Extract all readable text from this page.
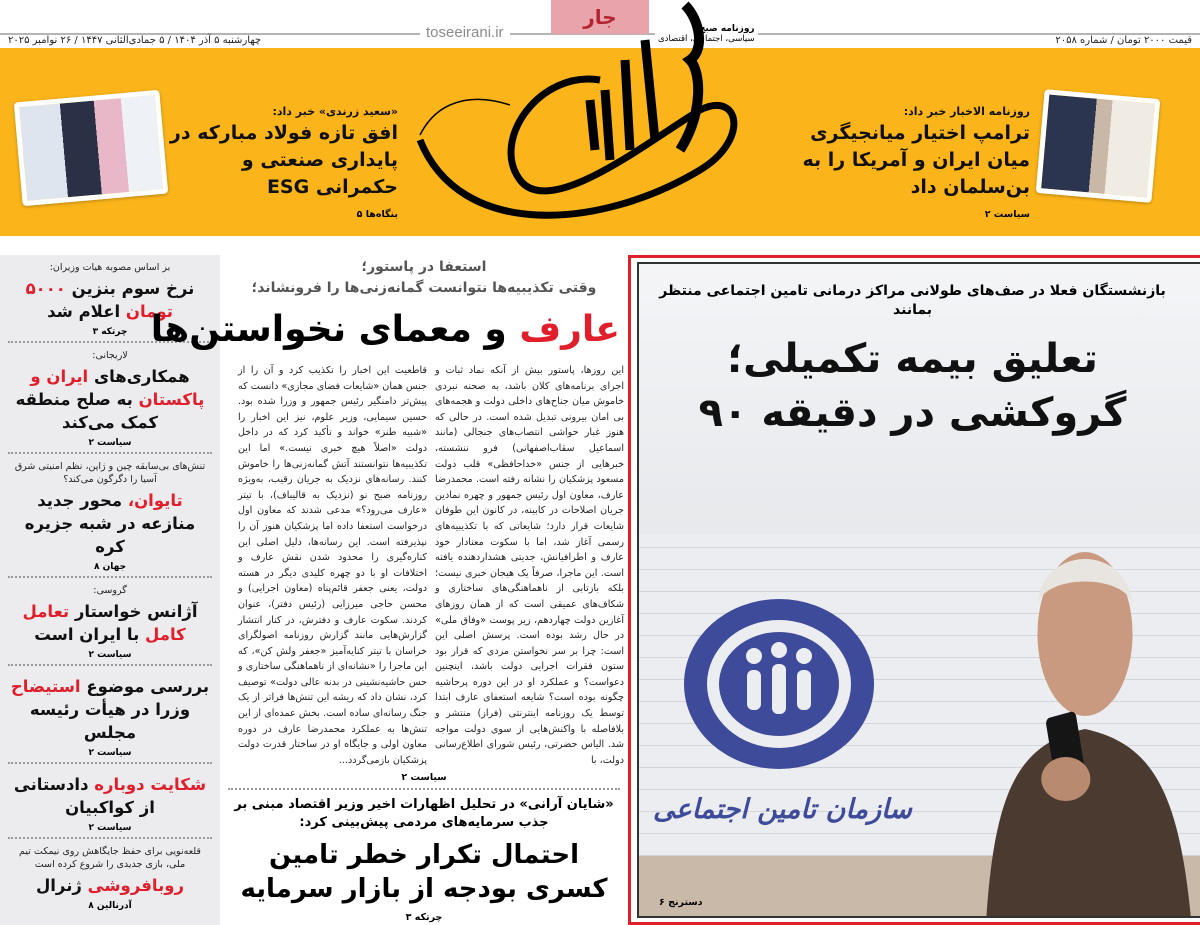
چهارشنبه ۵ آذر ۱۴۰۴ / ۵ جمادی‌الثانی ۱۴۴۷ / ۲۶ نوامبر ۲۰۲۵	قیمت ۲۰۰۰ تومان / شماره ۲۰۵۸
جار
toseeirani.ir	روزنامه صبح
سیاسی، اجتماعی، اقتصادی
روزنامه الاخبار خبر داد:
ترامپ اختیار میانجیگری میان ایران و آمریکا را به بن‌سلمان داد
سیاست ۲
«سعید زرندی» خبر داد:
افق تازه فولاد مبارکه در پایداری صنعتی و حکمرانی ESG
بنگاه‌ها ۵
بر اساس مصوبه هیات وزیران:
نرخ سوم بنزین ۵۰۰۰ تومان اعلام شد
چرتکه ۳
لاریجانی:
همکاری‌های ایران و پاکستان به صلح منطقه کمک می‌کند
سیاست ۲
تنش‌های بی‌سابقه چین و ژاپن، نظم امنیتی شرق آسیا را دگرگون می‌کند؟
تایوان، محور جدید منازعه در شبه جزیره کره
جهان ۸
گروسی:
آژانس خواستار تعامل کامل با ایران است
سیاست ۲
بررسی موضوع استیضاح وزرا در هیأت رئیسه مجلس
سیاست ۲
شکایت دوباره دادستانی از کواکبیان
سیاست ۲
قلعه‌نویی برای حفظ جایگاهش روی نیمکت تیم ملی، بازی جدیدی را شروع کرده است
روبافروشی ژنرال
آدرنالین ۸
استعفا در پاستور؛
وقتی تکذیبیه‌ها نتوانست گمانه‌زنی‌ها را فرونشاند؛
عارف و معمای نخواستن‌ها
این روزها، پاستور بیش از آنکه نماد ثبات و اجرای برنامه‌های کلان باشد، به صحنه نبردی خاموش میان جناح‌های داخلی دولت و هجمه‌های بی امان بیرونی تبدیل شده است. در حالی که هنوز غبار حواشی انتصاب‌های جنجالی (مانند اسماعیل سقاب‌اصفهانی) فرو ننشسته، خبرهایی از جنس «خداحافظی» قلب دولت مسعود پزشکیان را نشانه رفته است. محمدرضا عارف، معاون اول رئیس جمهور و چهره نمادین جریان اصلاحات در کابینه، در کانون این طوفان شایعات قرار دارد؛ شایعاتی که با تکذیبیه‌های رسمی آغاز شد، اما با سکوت معنادار خود عارف و اطرافیانش، جدیتی هشداردهنده یافته است. این ماجرا، صرفاً یک هیجان خبری نیست؛ بلکه بازتابی از ناهماهنگی‌های ساختاری و شکاف‌های عمیقی است که از همان روزهای آغازین دولت چهاردهم، زیر پوست «وفاق ملی» در حال رشد بوده است. پرسش اصلی این است: چرا بر سر نخواستن مردی که قرار بود ستون فقرات اجرایی دولت باشد، اینچنین دعواست؟ و عملکرد او در این دوره پرحاشیه چگونه بوده است؟ شایعه استعفای عارف ابتدا توسط یک روزنامه اینترنتی (فراز) منتشر و بلافاصله با واکنش‌هایی از سوی دولت مواجه شد. الیاس حضرتی، رئیس شورای اطلاع‌رسانی دولت، با
قاطعیت این اخبار را تکذیب کرد و آن را از جنس همان «شایعات فضای مجازی» دانست که پیش‌تر دامنگیر رئیس جمهور و وزرا شده بود. حسین سیمایی، وزیر علوم، نیز این اخبار را «شبیه طنز» خواند و تأکید کرد که در داخل دولت «اصلاً هیچ خبری نیست.» اما این تکذیبیه‌ها نتوانستند آتش گمانه‌زنی‌ها را خاموش کنند. رسانه‌های نزدیک به جریان رقیب، به‌ویژه روزنامه صبح نو (نزدیک به قالیباف)، با تیتر «عارف می‌رود؟» مدعی شدند که معاون اول درخواست استعفا داده اما پزشکیان هنوز آن را نپذیرفته است. این رسانه‌ها، دلیل اصلی این کناره‌گیری را محدود شدن نقش عارف و اختلافات او با دو چهره کلیدی دیگر در هسته دولت، یعنی جعفر قائم‌پناه (معاون اجرایی) و محسن حاجی میرزایی (رئیس دفتر)، عنوان کردند. سکوت عارف و دفترش، در کنار انتشار گزارش‌هایی مانند گزارش روزنامه اصولگرای خراسان با تیتر کنایه‌آمیز «جعفر ولش کن»، که این ماجرا را «نشانه‌ای از ناهماهنگی ساختاری و حس حاشیه‌نشینی در بدنه عالی دولت» توصیف کرد، نشان داد که ریشه این تنش‌ها فراتر از یک جنگ رسانه‌ای ساده است. بخش عمده‌ای از این تنش‌ها به عملکرد محمدرضا عارف در دوره معاون اولی و جایگاه او در ساختار قدرت دولت پزشکیان بازمی‌گردد...
سیاست ۲
«شایان آرانی» در تحلیل اظهارات اخیر وزیر اقتصاد مبنی بر جذب سرمایه‌های مردمی پیش‌بینی کرد:
احتمال تکرار خطر تامین کسری بودجه از بازار سرمایه
چرتکه ۳
سازمان تامین اجتماعی
بازنشستگان فعلا در صف‌های طولانی مراکز درمانی تامین اجتماعی منتظر بمانند
تعلیق بیمه تکمیلی؛
گروکشی در دقیقه ۹۰
دسترنج ۶
